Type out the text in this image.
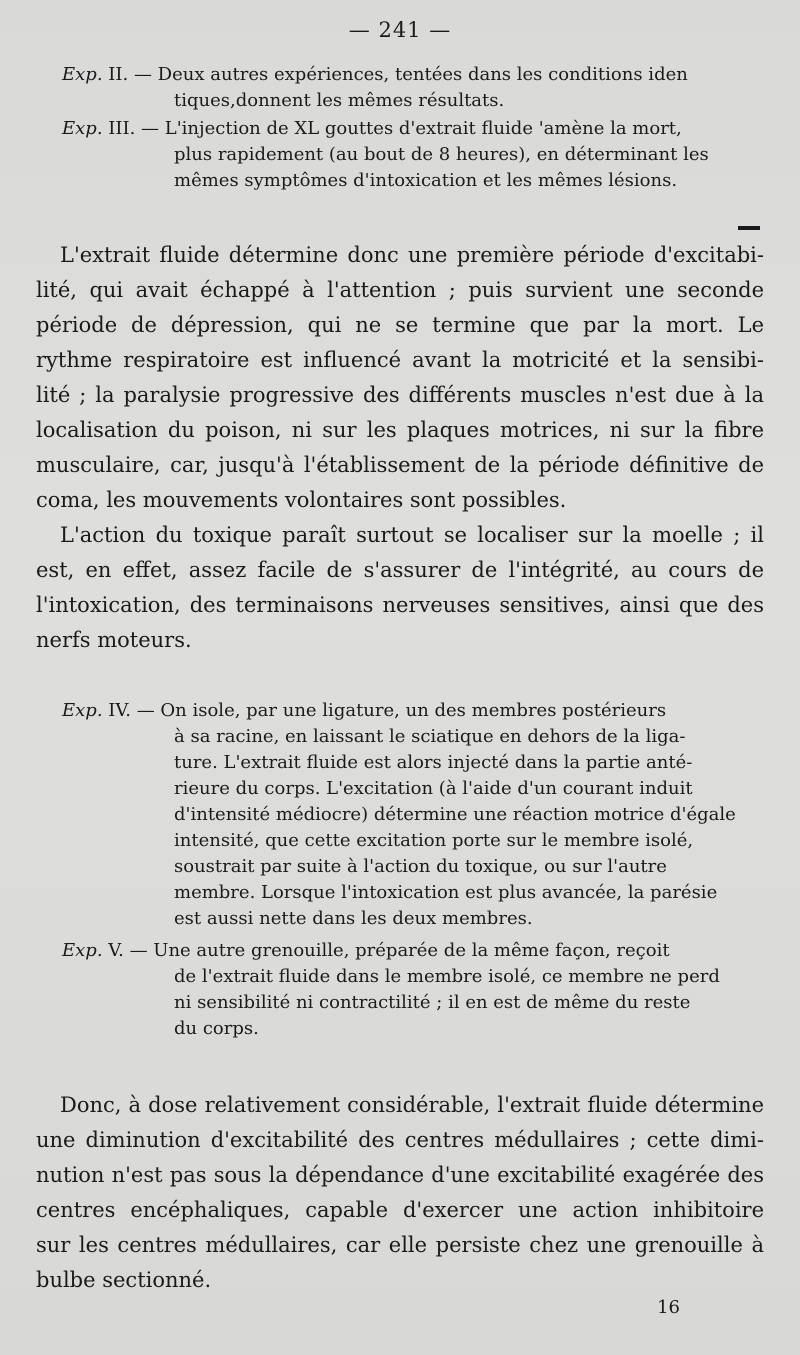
— 241 —
Exp. II. — Deux autres expériences, tentées dans les conditions iden
tiques,donnent les mêmes résultats.
Exp. III. — L'injection de XL gouttes d'extrait fluide 'amène la mort,
plus rapidement (au bout de 8 heures), en déterminant les
mêmes symptômes d'intoxication et les mêmes lésions.
L'extrait fluide détermine donc une première période d'excitabi-
lité, qui avait échappé à l'attention ; puis survient une seconde
période de dépression, qui ne se termine que par la mort. Le
rythme respiratoire est influencé avant la motricité et la sensibi-
lité ; la paralysie progressive des différents muscles n'est due à la
localisation du poison, ni sur les plaques motrices, ni sur la fibre
musculaire, car, jusqu'à l'établissement de la période définitive de
coma, les mouvements volontaires sont possibles.
L'action du toxique paraît surtout se localiser sur la moelle ; il
est, en effet, assez facile de s'assurer de l'intégrité, au cours de
l'intoxication, des terminaisons nerveuses sensitives, ainsi que des
nerfs moteurs.
Exp. IV. — On isole, par une ligature, un des membres postérieurs
à sa racine, en laissant le sciatique en dehors de la liga-
ture. L'extrait fluide est alors injecté dans la partie anté-
rieure du corps. L'excitation (à l'aide d'un courant induit
d'intensité médiocre) détermine une réaction motrice d'égale
intensité, que cette excitation porte sur le membre isolé,
soustrait par suite à l'action du toxique, ou sur l'autre
membre. Lorsque l'intoxication est plus avancée, la parésie
est aussi nette dans les deux membres.
Exp. V. — Une autre grenouille, préparée de la même façon, reçoit
de l'extrait fluide dans le membre isolé, ce membre ne perd
ni sensibilité ni contractilité ; il en est de même du reste
du corps.
Donc, à dose relativement considérable, l'extrait fluide détermine
une diminution d'excitabilité des centres médullaires ; cette dimi-
nution n'est pas sous la dépendance d'une excitabilité exagérée des
centres encéphaliques, capable d'exercer une action inhibitoire
sur les centres médullaires, car elle persiste chez une grenouille à
bulbe sectionné.
16
